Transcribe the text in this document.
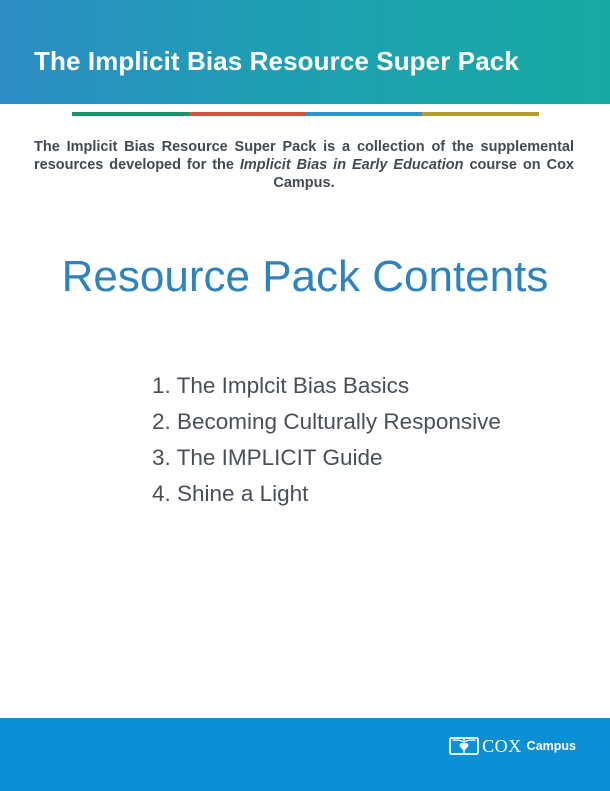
The Implicit Bias Resource Super Pack
The Implicit Bias Resource Super Pack is a collection of the supplemental resources developed for the Implicit Bias in Early Education course on Cox Campus.
Resource Pack Contents
1. The Implcit Bias Basics
2. Becoming Culturally Responsive
3. The IMPLICIT Guide
4. Shine a Light
COX Campus
